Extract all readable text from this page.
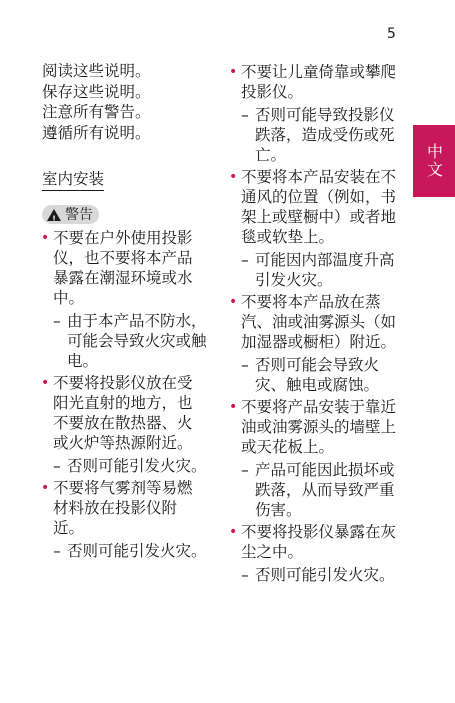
5
中文

阅读这些说明。

保存这些说明。

注意所有警告。

遵循所有说明。

室内安装
!
警告
• 不要在户外使用投影仪，也不要将本产品暴露在潮湿环境或水中。
– 由于本产品不防水，可能会导致火灾或触电。
• 不要将投影仪放在受阳光直射的地方，也不要放在散热器、火或火炉等热源附近。
– 否则可能引发火灾。
• 不要将气雾剂等易燃材料放在投影仪附近。
– 否则可能引发火灾。
• 不要让儿童倚靠或攀爬投影仪。
– 否则可能导致投影仪跌落，造成受伤或死亡。
• 不要将本产品安装在不通风的位置（例如，书架上或壁橱中）或者地毯或软垫上。
– 可能因内部温度升高引发火灾。
• 不要将本产品放在蒸汽、油或油雾源头（如加湿器或橱柜）附近。
– 否则可能会导致火灾、触电或腐蚀。
• 不要将产品安装于靠近油或油雾源头的墙壁上或天花板上。
– 产品可能因此损坏或跌落，从而导致严重伤害。
• 不要将投影仪暴露在灰尘之中。
– 否则可能引发火灾。
